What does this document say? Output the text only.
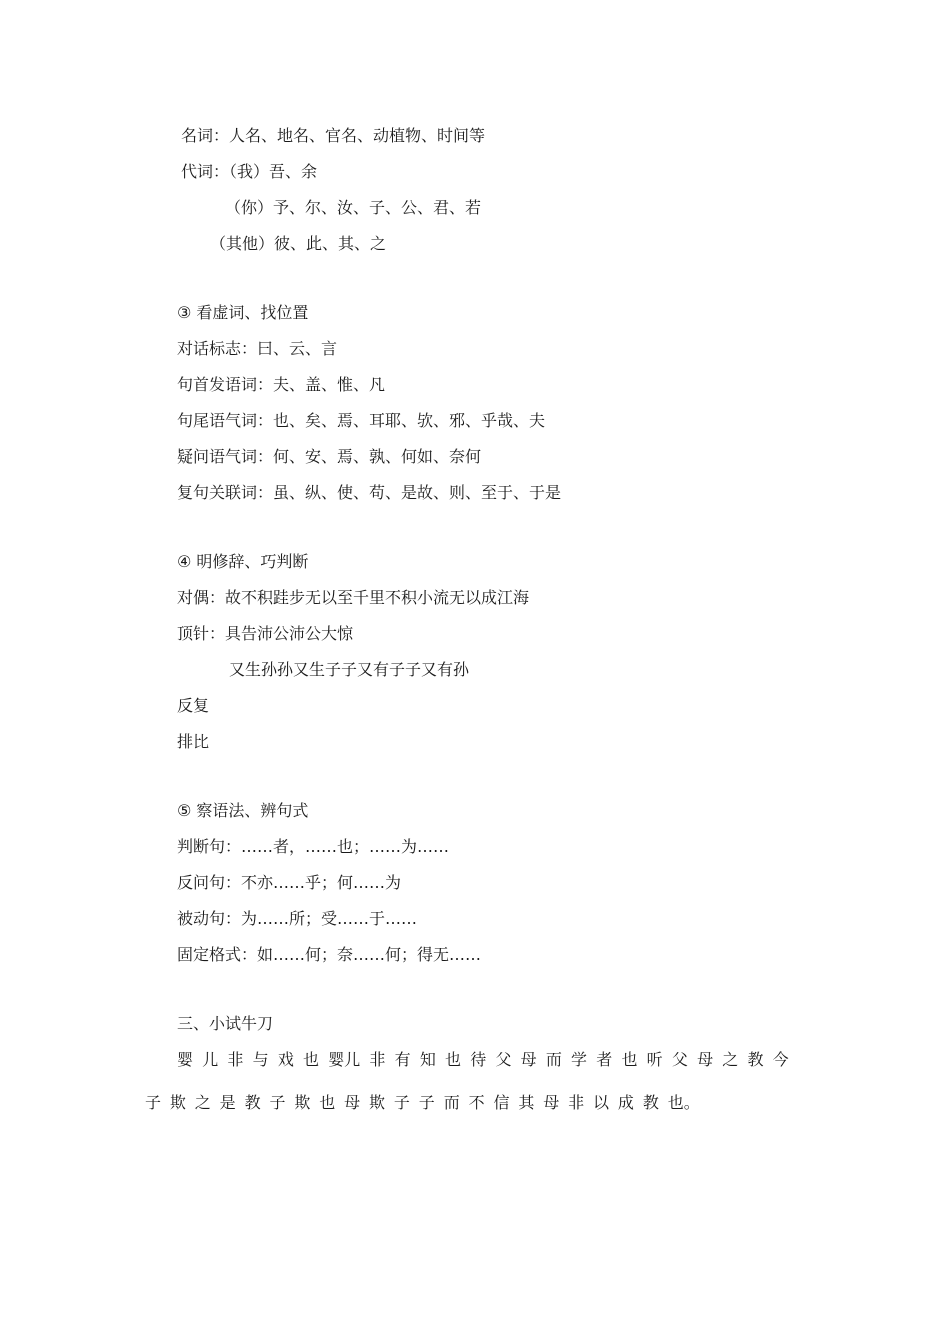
名词：人名、地名、官名、动植物、时间等

代词：（我）吾、余

（你）予、尔、汝、子、公、君、若

（其他）彼、此、其、之

③ 看虚词、找位置

对话标志：曰、云、言

句首发语词：夫、盖、惟、凡

句尾语气词：也、矣、焉、耳耶、欤、邪、乎哉、夫

疑问语气词：何、安、焉、孰、何如、奈何

复句关联词：虽、纵、使、苟、是故、则、至于、于是

④ 明修辞、巧判断

对偶：故不积跬步无以至千里不积小流无以成江海

顶针：具告沛公沛公大惊

又生孙孙又生子子又有子子又有孙

反复

排比

⑤ 察语法、辨句式

判断句：……者，……也；……为……

反问句：不亦……乎；何……为

被动句：为……所；受……于……

固定格式：如……何；奈……何；得无……

三、小试牛刀

婴 儿 非 与 戏 也 婴儿 非 有 知 也 待 父 母 而 学 者 也 听 父 母 之 教 今
子 欺 之 是 教 子 欺 也 母 欺 子 子 而 不 信 其 母 非 以 成 教 也。
